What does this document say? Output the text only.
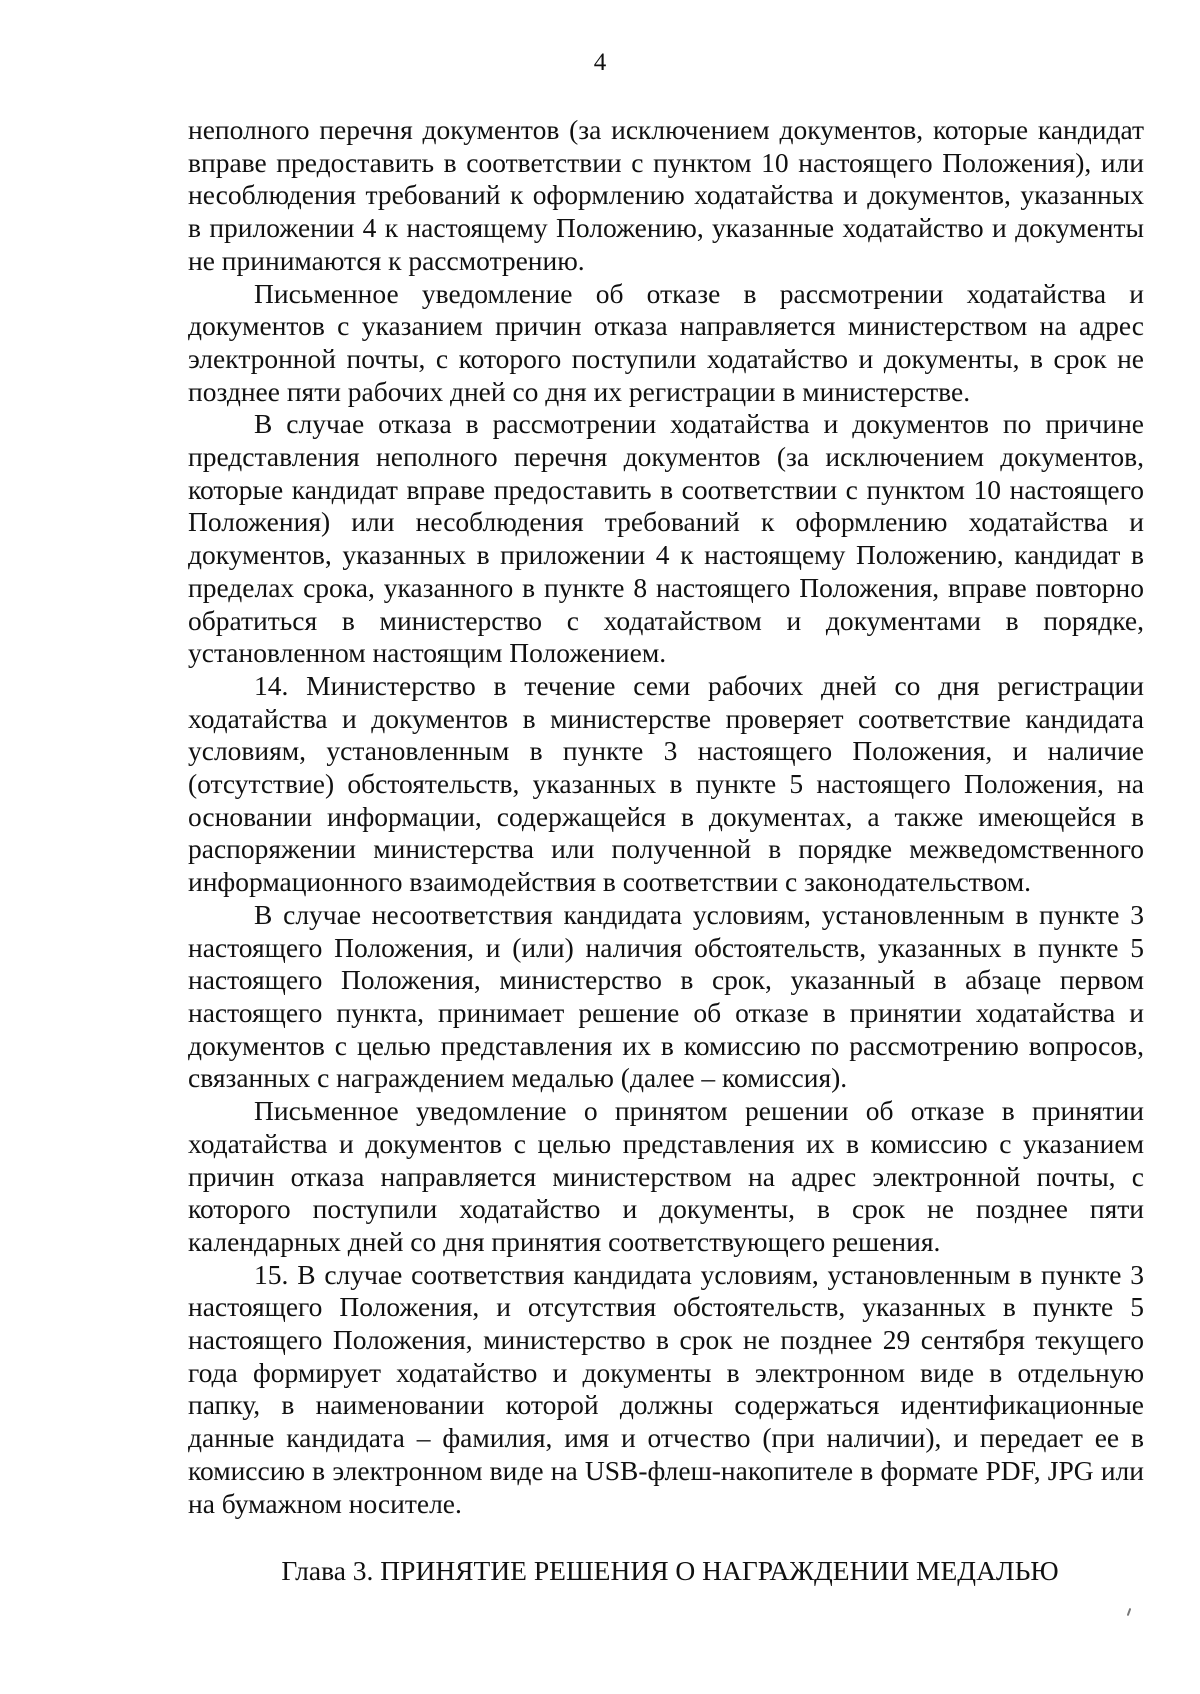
4

неполного перечня документов (за исключением документов, которые кандидат вправе предоставить в соответствии с пунктом 10 настоящего Положения), или несоблюдения требований к оформлению ходатайства и документов, указанных в приложении 4 к настоящему Положению, указанные ходатайство и документы не принимаются к рассмотрению.

Письменное уведомление об отказе в рассмотрении ходатайства и документов с указанием причин отказа направляется министерством на адрес электронной почты, с которого поступили ходатайство и документы, в срок не позднее пяти рабочих дней со дня их регистрации в министерстве.

В случае отказа в рассмотрении ходатайства и документов по причине представления неполного перечня документов (за исключением документов, которые кандидат вправе предоставить в соответствии с пунктом 10 настоящего Положения) или несоблюдения требований к оформлению ходатайства и документов, указанных в приложении 4 к настоящему Положению, кандидат в пределах срока, указанного в пункте 8 настоящего Положения, вправе повторно обратиться в министерство с ходатайством и документами в порядке, установленном настоящим Положением.

14. Министерство в течение семи рабочих дней со дня регистрации ходатайства и документов в министерстве проверяет соответствие кандидата условиям, установленным в пункте 3 настоящего Положения, и наличие (отсутствие) обстоятельств, указанных в пункте 5 настоящего Положения, на основании информации, содержащейся в документах, а также имеющейся в распоряжении министерства или полученной в порядке межведомственного информационного взаимодействия в соответствии с законодательством.

В случае несоответствия кандидата условиям, установленным в пункте 3 настоящего Положения, и (или) наличия обстоятельств, указанных в пункте 5 настоящего Положения, министерство в срок, указанный в абзаце первом настоящего пункта, принимает решение об отказе в принятии ходатайства и документов с целью представления их в комиссию по рассмотрению вопросов, связанных с награждением медалью (далее – комиссия).

Письменное уведомление о принятом решении об отказе в принятии ходатайства и документов с целью представления их в комиссию с указанием причин отказа направляется министерством на адрес электронной почты, с которого поступили ходатайство и документы, в срок не позднее пяти календарных дней со дня принятия соответствующего решения.

15. В случае соответствия кандидата условиям, установленным в пункте 3 настоящего Положения, и отсутствия обстоятельств, указанных в пункте 5 настоящего Положения, министерство в срок не позднее 29 сентября текущего года формирует ходатайство и документы в электронном виде в отдельную папку, в наименовании которой должны содержаться идентификационные данные кандидата – фамилия, имя и отчество (при наличии), и передает ее в комиссию в электронном виде на USB-флеш-накопителе в формате PDF, JPG или на бумажном носителе.

Глава 3. ПРИНЯТИЕ РЕШЕНИЯ О НАГРАЖДЕНИИ МЕДАЛЬЮ
